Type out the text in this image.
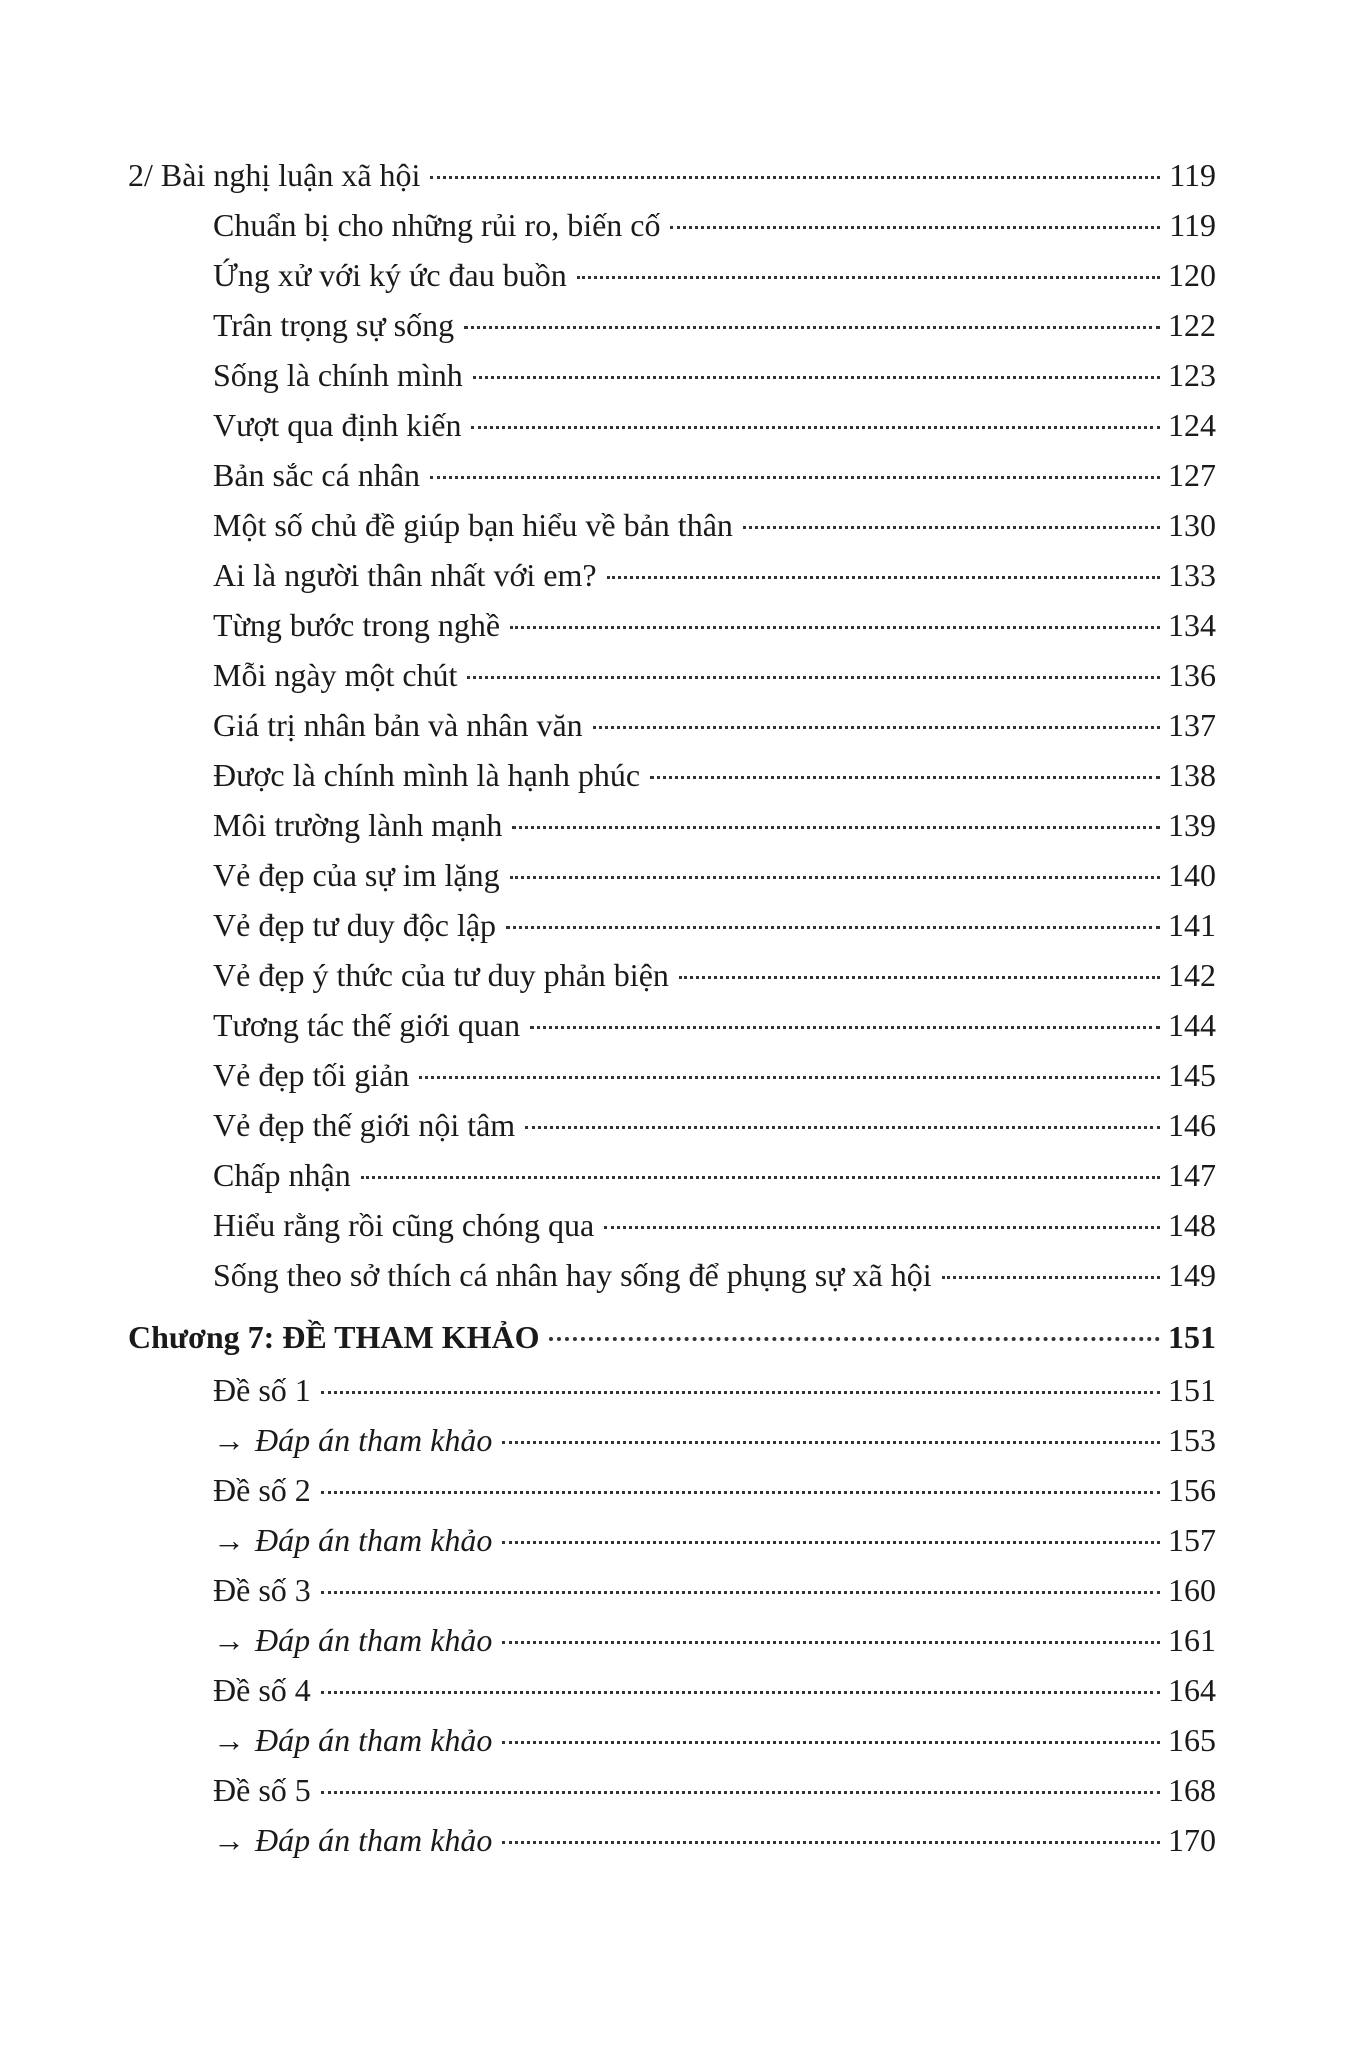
2/ Bài nghị luận xã hội	119
Chuẩn bị cho những rủi ro, biến cố	119
Ứng xử với ký ức đau buồn	120
Trân trọng sự sống	122
Sống là chính mình	123
Vượt qua định kiến	124
Bản sắc cá nhân	127
Một số chủ đề giúp bạn hiểu về bản thân	130
Ai là người thân nhất với em?	133
Từng bước trong nghề	134
Mỗi ngày một chút	136
Giá trị nhân bản và nhân văn	137
Được là chính mình là hạnh phúc	138
Môi trường lành mạnh	139
Vẻ đẹp của sự im lặng	140
Vẻ đẹp tư duy độc lập	141
Vẻ đẹp ý thức của tư duy phản biện	142
Tương tác thế giới quan	144
Vẻ đẹp tối giản	145
Vẻ đẹp thế giới nội tâm	146
Chấp nhận	147
Hiểu rằng rồi cũng chóng qua	148
Sống theo sở thích cá nhân hay sống để phụng sự xã hội	149
Chương 7: ĐỀ THAM KHẢO	151
Đề số 1	151
→ Đáp án tham khảo	153
Đề số 2	156
→ Đáp án tham khảo	157
Đề số 3	160
→ Đáp án tham khảo	161
Đề số 4	164
→ Đáp án tham khảo	165
Đề số 5	168
→ Đáp án tham khảo	170
